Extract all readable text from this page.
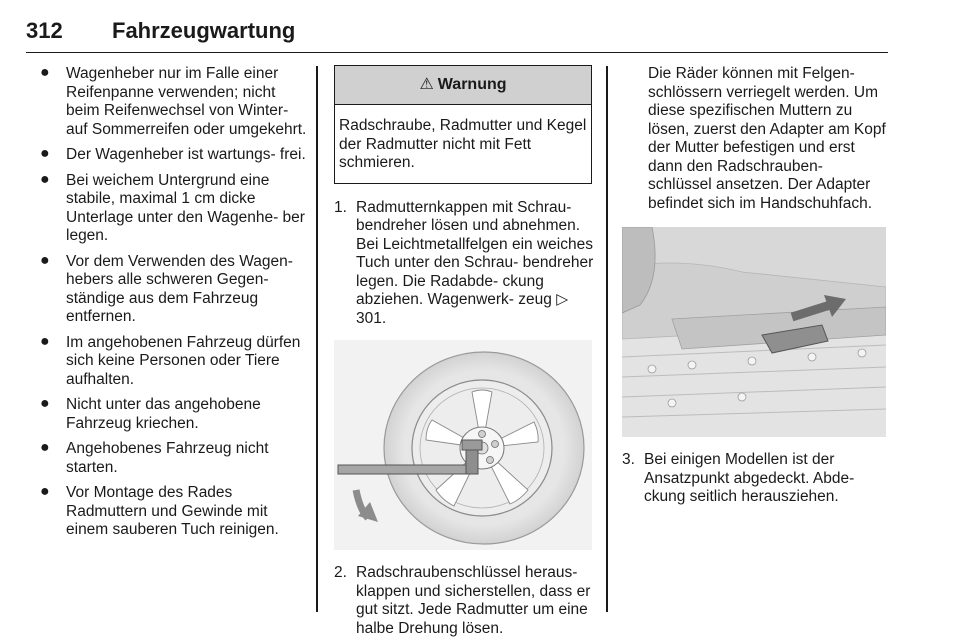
312 Fahrzeugwartung
● Wagenheber nur im Falle einer Reifenpanne verwenden; nicht beim Reifenwechsel von Winter- auf Sommerreifen oder umgekehrt.
● Der Wagenheber ist wartungs- frei.
● Bei weichem Untergrund eine stabile, maximal 1 cm dicke Unterlage unter den Wagenhe- ber legen.
● Vor dem Verwenden des Wagen- hebers alle schweren Gegen- ständige aus dem Fahrzeug entfernen.
● Im angehobenen Fahrzeug dürfen sich keine Personen oder Tiere aufhalten.
● Nicht unter das angehobene Fahrzeug kriechen.
● Angehobenes Fahrzeug nicht starten.
● Vor Montage des Rades Radmuttern und Gewinde mit einem sauberen Tuch reinigen.
⚠ Warnung
Radschraube, Radmutter und Kegel der Radmutter nicht mit Fett schmieren.
1. Radmutternkappen mit Schrau- bendreher lösen und abnehmen. Bei Leichtmetallfelgen ein weiches Tuch unter den Schrau- bendreher legen. Die Radabde- ckung abziehen. Wagenwerk- zeug ▷ 301.
2. Radschraubenschlüssel heraus- klappen und sicherstellen, dass er gut sitzt. Jede Radmutter um eine halbe Drehung lösen.
Die Räder können mit Felgen- schlössern verriegelt werden. Um diese spezifischen Muttern zu lösen, zuerst den Adapter am Kopf der Mutter befestigen und erst dann den Radschrauben- schlüssel ansetzen. Der Adapter befindet sich im Handschuhfach.
3. Bei einigen Modellen ist der Ansatzpunkt abgedeckt. Abde- ckung seitlich herausziehen.
